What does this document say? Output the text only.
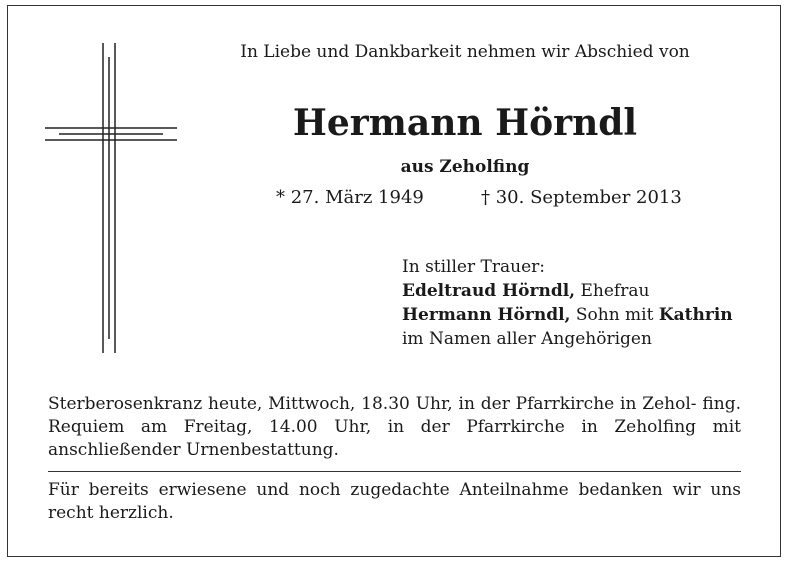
In Liebe und Dankbarkeit nehmen wir Abschied von
Hermann Hörndl
aus Zeholfing
* 27. März 1949	† 30. September 2013
In stiller Trauer:
Edeltraud Hörndl, Ehefrau
Hermann Hörndl, Sohn mit Kathrin
im Namen aller Angehörigen
Sterberosenkranz heute, Mittwoch, 18.30 Uhr, in der Pfarrkirche in Zehol- fing. Requiem am Freitag, 14.00 Uhr, in der Pfarrkirche in Zeholfing mit anschließender Urnenbestattung.
Für bereits erwiesene und noch zugedachte Anteilnahme bedanken wir uns recht herzlich.
